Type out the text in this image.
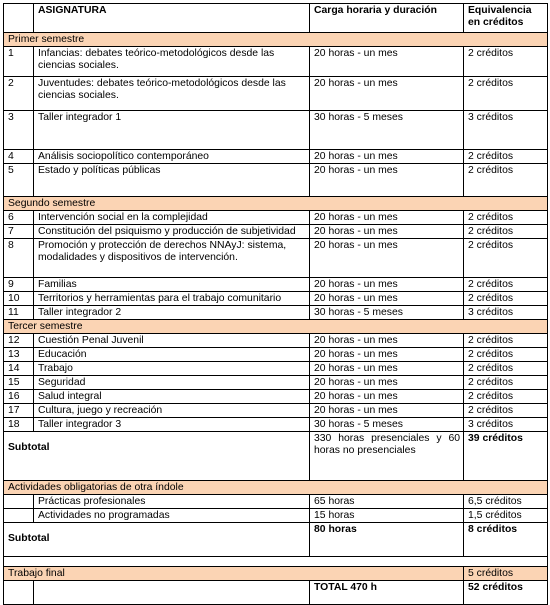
	ASIGNATURA	Carga horaria y duración	Equivalencia en créditos
Primer semestre			
1	Infancias: debates teórico-metodológicos desde las ciencias sociales.	20 horas - un mes	2 créditos
2	Juventudes: debates teórico-metodológicos desde las ciencias sociales.	20 horas - un mes	2 créditos
3	Taller integrador 1	30 horas - 5 meses	3 créditos
4	Análisis sociopolítico contemporáneo	20 horas - un mes	2 créditos
5	Estado y políticas públicas	20 horas - un mes	2 créditos
Segundo semestre			
6	Intervención social en la complejidad	20 horas - un mes	2 créditos
7	Constitución del psiquismo y producción de subjetividad	20 horas - un mes	2 créditos
8	Promoción y protección de derechos NNAyJ: sistema, modalidades y dispositivos de intervención.	20 horas - un mes	2 créditos
9	Familias	20 horas - un mes	2 créditos
10	Territorios y herramientas para el trabajo comunitario	20 horas - un mes	2 créditos
11	Taller integrador 2	30 horas - 5 meses	3 créditos
Tercer semestre			
12	Cuestión Penal Juvenil	20 horas - un mes	2 créditos
13	Educación	20 horas - un mes	2 créditos
14	Trabajo	20 horas - un mes	2 créditos
15	Seguridad	20 horas - un mes	2 créditos
16	Salud integral	20 horas - un mes	2 créditos
17	Cultura, juego y recreación	20 horas - un mes	2 créditos
18	Taller integrador 3	30 horas - 5 meses	3 créditos
Subtotal		330 horas presenciales y 60 horas no presenciales	39 créditos
Actividades obligatorias de otra índole			
	Prácticas profesionales	65 horas	6,5 créditos
	Actividades no programadas	15 horas	1,5 créditos
Subtotal		80 horas	8 créditos

Trabajo final			5 créditos
		TOTAL 470 h	52 créditos
